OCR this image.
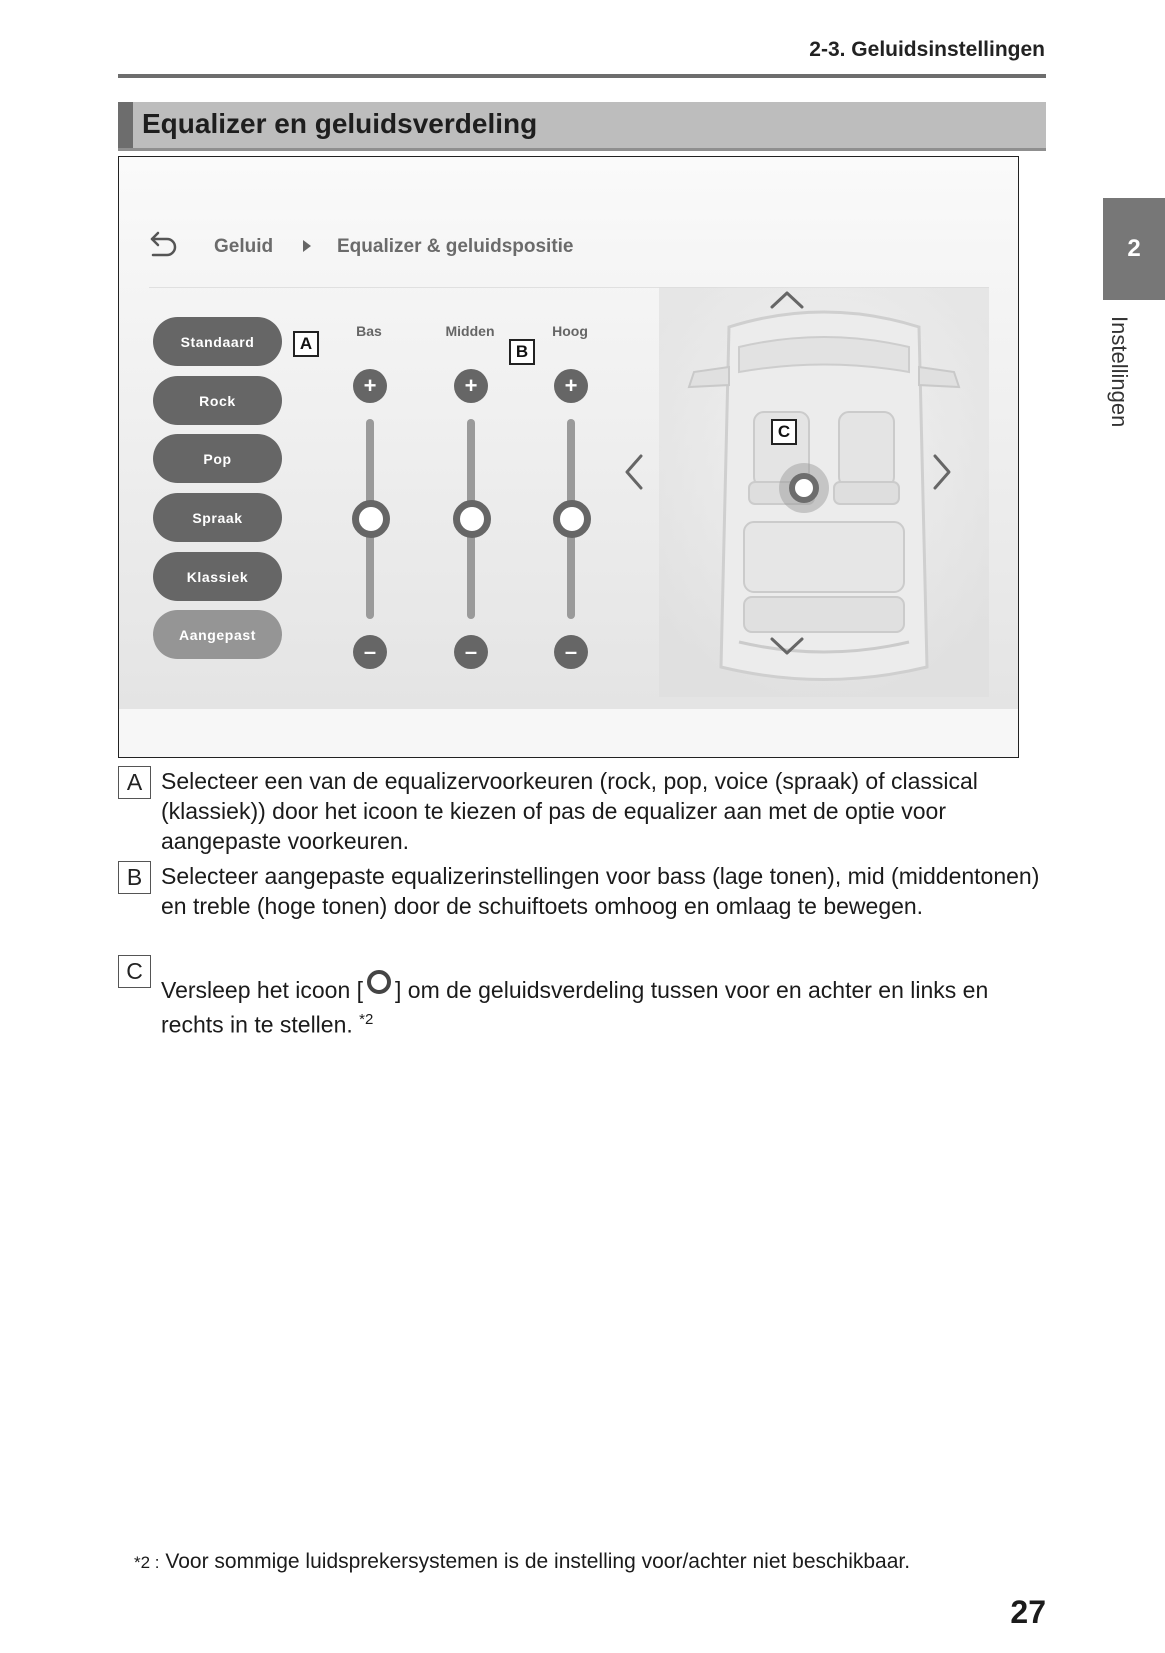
2-3. Geluidsinstellingen
2
Instellingen
Equalizer en geluidsverdeling
Geluid	Equalizer & geluidspositie
Standaard
Rock
Pop
Spraak
Klassiek
Aangepast
A
Bas	Midden	Hoog
B
+	+	+
–	–	–
C
A Selecteer een van de equalizervoorkeuren (rock, pop, voice (spraak) of classical (klassiek)) door het icoon te kiezen of pas de equalizer aan met de optie voor aangepaste voorkeuren.
B Selecteer aangepaste equalizerinstellingen voor bass (lage tonen), mid (middentonen) en treble (hoge tonen) door de schuiftoets omhoog en omlaag te bewegen.
C
Versleep het icoon [ ] om de geluidsverdeling tussen voor en achter en links en rechts in te stellen. $^{*2}$
*2 : Voor sommige luidsprekersystemen is de instelling voor/achter niet beschikbaar.
27
